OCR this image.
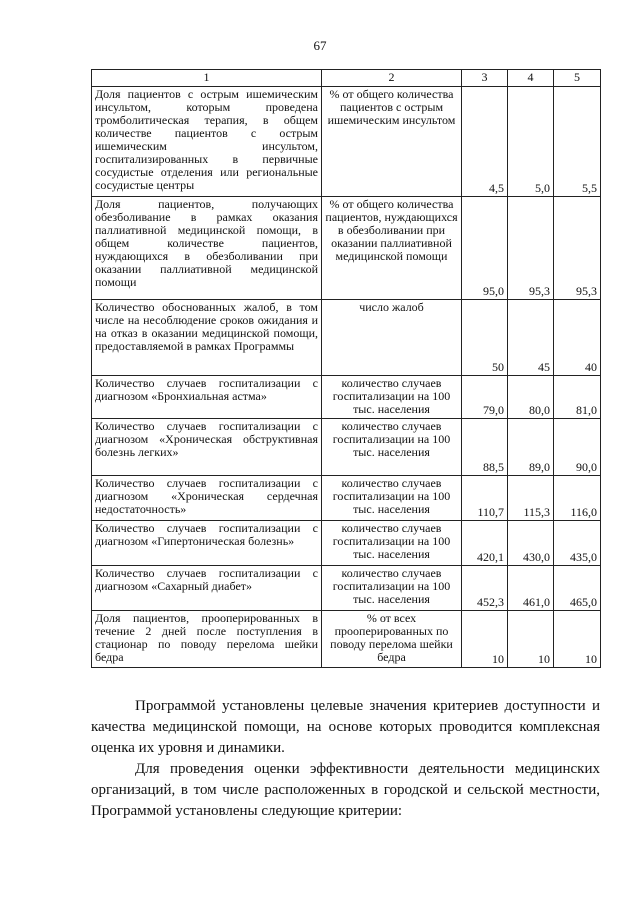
67
1	2	3	4	5
Доля пациентов с острым ишемическим инсультом, которым проведена тромболитическая терапия, в общем количестве пациентов с острым ишемическим инсультом, госпитализированных в первичные сосудистые отделения или региональные сосудистые центры	% от общего количества пациентов с острым ишемическим инсультом	4,5	5,0	5,5
Доля пациентов, получающих обезболивание в рамках оказания паллиативной медицинской помощи, в общем количестве пациентов, нуждающихся в обезболивании при оказании паллиативной медицинской помощи	% от общего количества пациентов, нуждающихся в обезболивании при оказании паллиативной медицинской помощи	95,0	95,3	95,3
Количество обоснованных жалоб, в том числе на несоблюдение сроков ожидания и на отказ в оказании медицинской помощи, предоставляемой в рамках Программы	число жалоб	50	45	40
Количество случаев госпитализации с диагнозом «Бронхиальная астма»	количество случаев госпитализации на 100 тыс. населения	79,0	80,0	81,0
Количество случаев госпитализации с диагнозом «Хроническая обструктивная болезнь легких»	количество случаев госпитализации на 100 тыс. населения	88,5	89,0	90,0
Количество случаев госпитализации с диагнозом «Хроническая сердечная недостаточность»	количество случаев госпитализации на 100 тыс. населения	110,7	115,3	116,0
Количество случаев госпитализации с диагнозом «Гипертоническая болезнь»	количество случаев госпитализации на 100 тыс. населения	420,1	430,0	435,0
Количество случаев госпитализации с диагнозом «Сахарный диабет»	количество случаев госпитализации на 100 тыс. населения	452,3	461,0	465,0
Доля пациентов, прооперированных в течение 2 дней после поступления в стационар по поводу перелома шейки бедра	% от всех прооперированных по поводу перелома шейки бедра	10	10	10

Программой установлены целевые значения критериев доступности и качества медицинской помощи, на основе которых проводится комплексная оценка их уровня и динамики.

Для проведения оценки эффективности деятельности медицинских организаций, в том числе расположенных в городской и сельской местности, Программой установлены следующие критерии:
